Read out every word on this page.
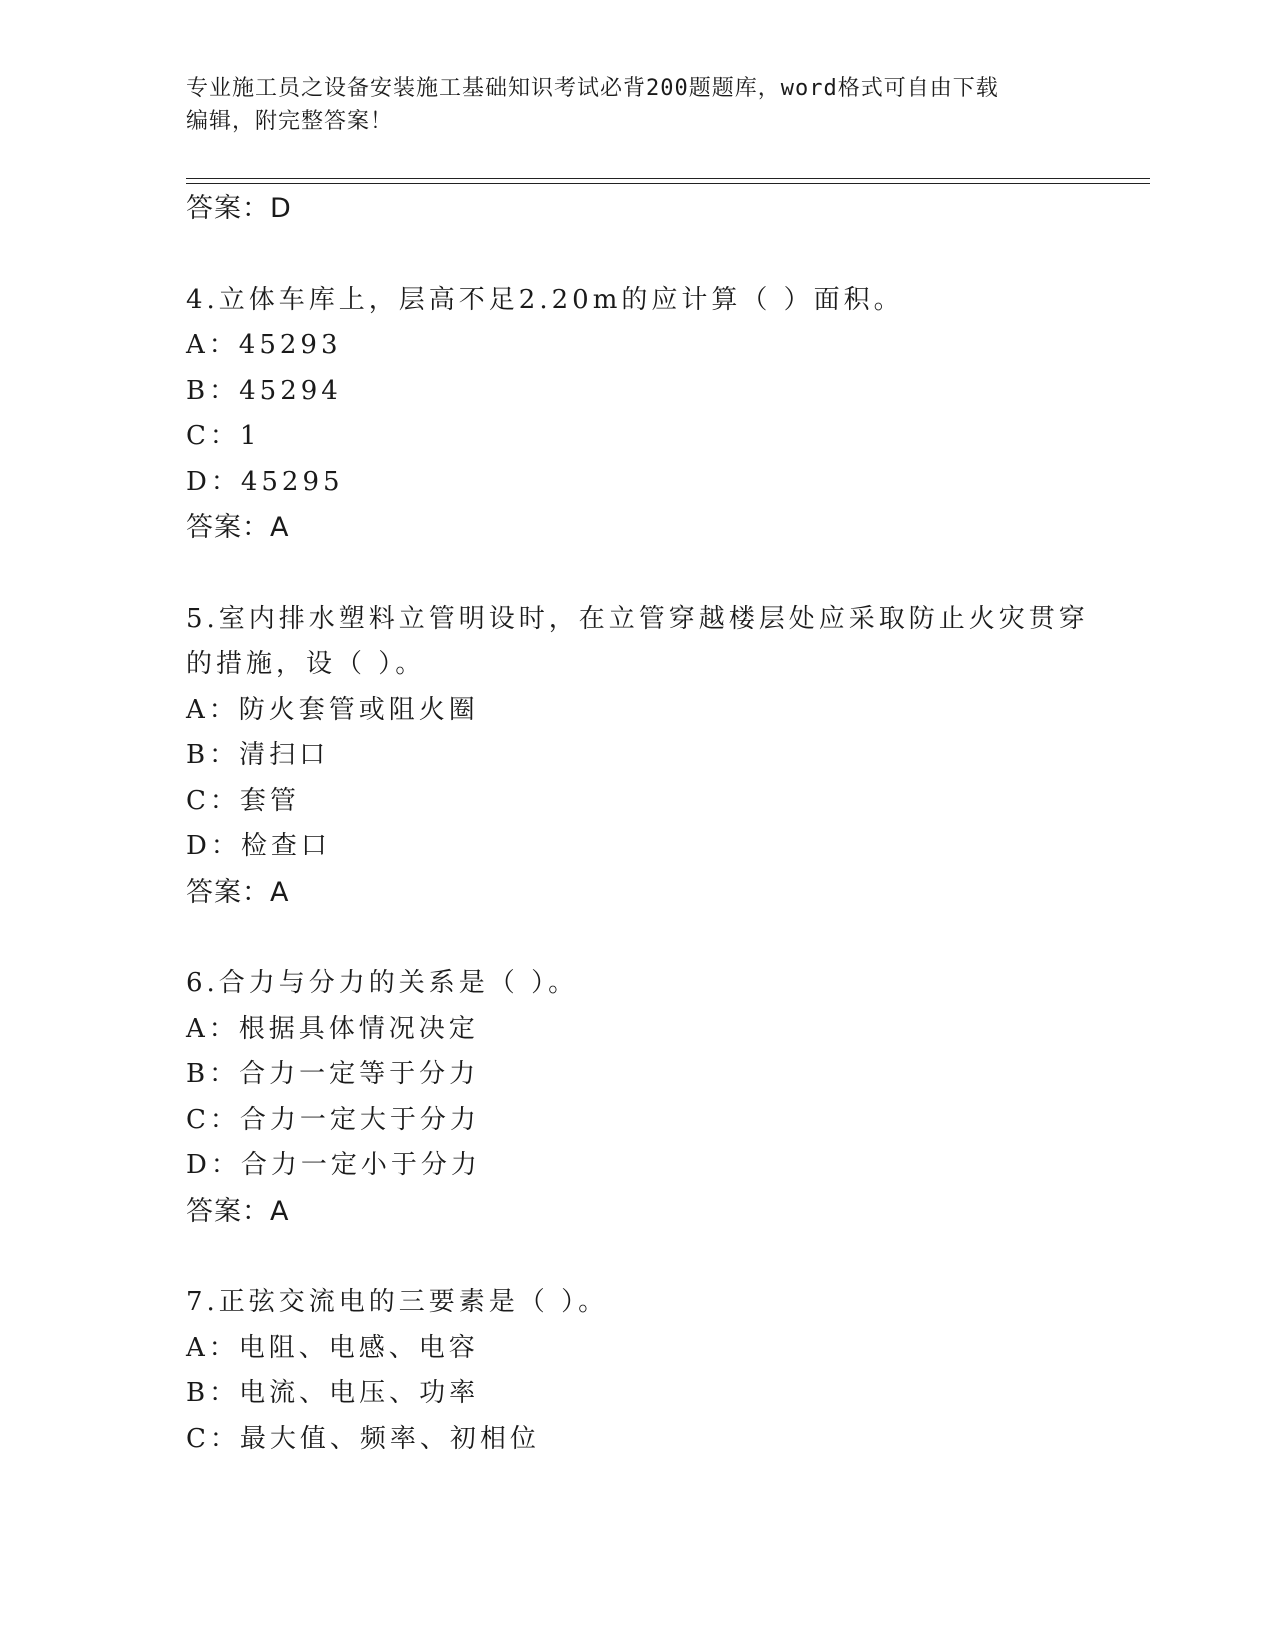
专业施工员之设备安装施工基础知识考试必背200题题库，word格式可自由下载
编辑，附完整答案！
答案：D
4.立体车库上，层高不足2.20m的应计算（ ）面积。
A：45293
B：45294
C：1
D：45295
答案：A
5.室内排水塑料立管明设时，在立管穿越楼层处应采取防止火灾贯穿
的措施，设（ ）。
A：防火套管或阻火圈
B：清扫口
C：套管
D：检查口
答案：A
6.合力与分力的关系是（ ）。
A：根据具体情况决定
B：合力一定等于分力
C：合力一定大于分力
D：合力一定小于分力
答案：A
7.正弦交流电的三要素是（ ）。
A：电阻、电感、电容
B：电流、电压、功率
C：最大值、频率、初相位
